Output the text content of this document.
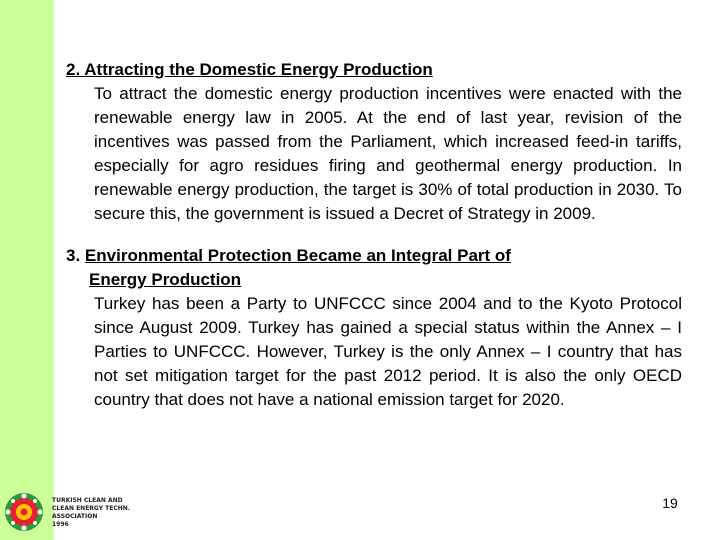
2. Attracting the Domestic Energy Production

To attract the domestic energy production incentives were enacted with the renewable energy law in 2005. At the end of last year, revision of the incentives was passed from the Parliament, which increased feed-in tariffs, especially for agro residues firing and geothermal energy production. In renewable energy production, the target is 30% of total production in 2030. To secure this, the government is issued a Decret of Strategy in 2009.

3. Environmental Protection Became an Integral Part of
Energy Production

Turkey has been a Party to UNFCCC since 2004 and to the Kyoto Protocol since August 2009. Turkey has gained a special status within the Annex – I Parties to UNFCCC. However, Turkey is the only Annex – I country that has not set mitigation target for the past 2012 period. It is also the only OECD country that does not have a national emission target for 2020.

TURKISH CLEAN AND
CLEAN ENERGY TECHN.
ASSOCIATION
1996
19
